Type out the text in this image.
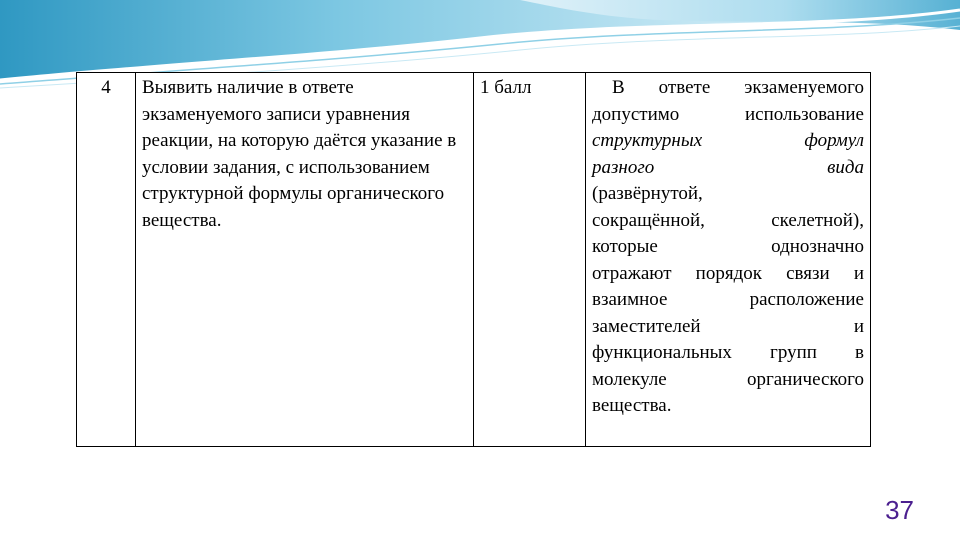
4	Выявить наличие в ответе экзаменуемого записи уравнения реакции, на которую даётся указание в условии задания, с использованием структурной формулы органического вещества.	1 балл	В ответе экзаменуемого
допустимо использование
структурных формул
разного вида
(развёрнутой,
сокращённой, скелетной),
которые однозначно
отражают порядок связи и
взаимное расположение
заместителей и
функциональных групп в
молекуле органического
вещества.
37
